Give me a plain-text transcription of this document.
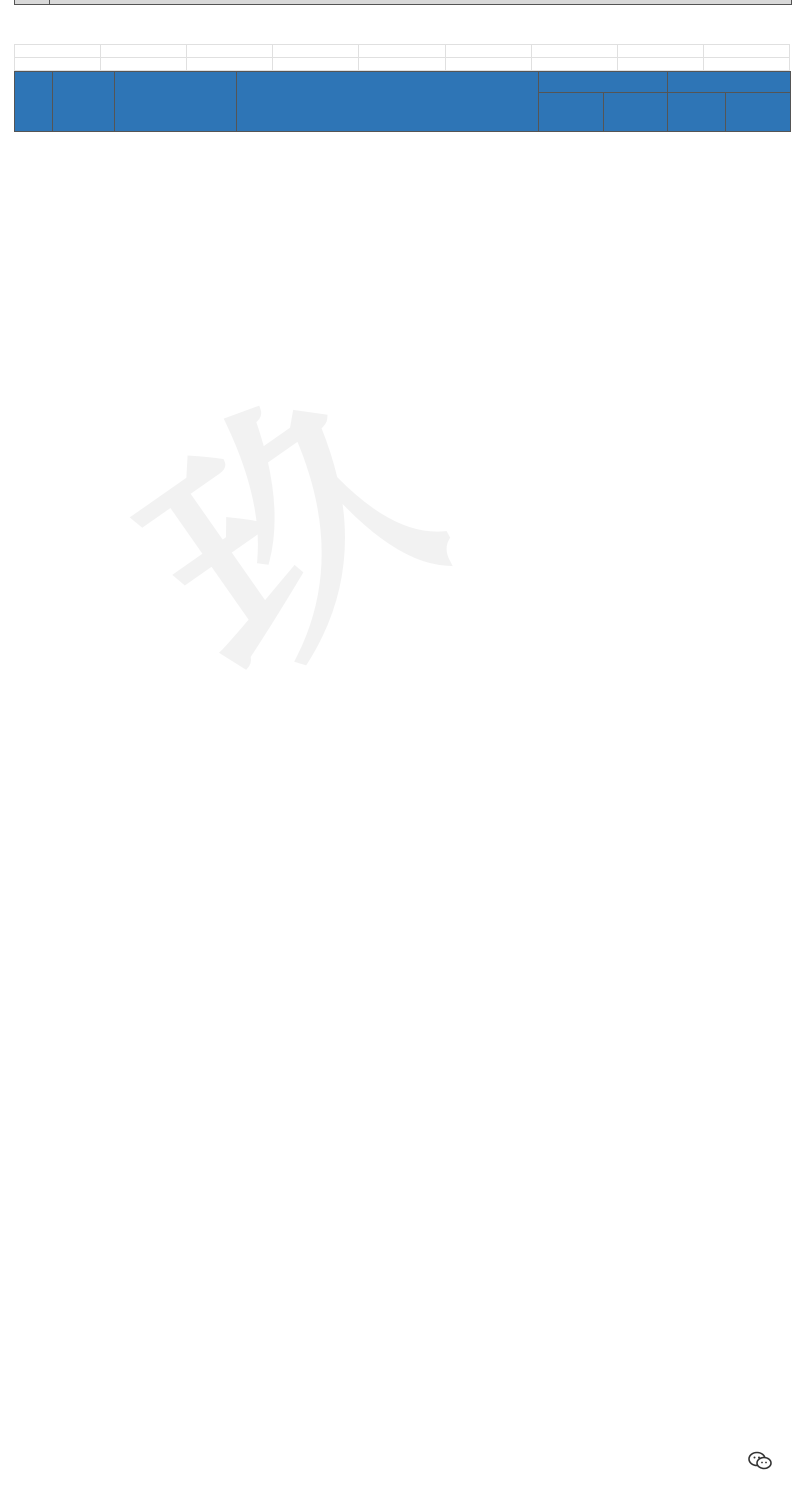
玖
